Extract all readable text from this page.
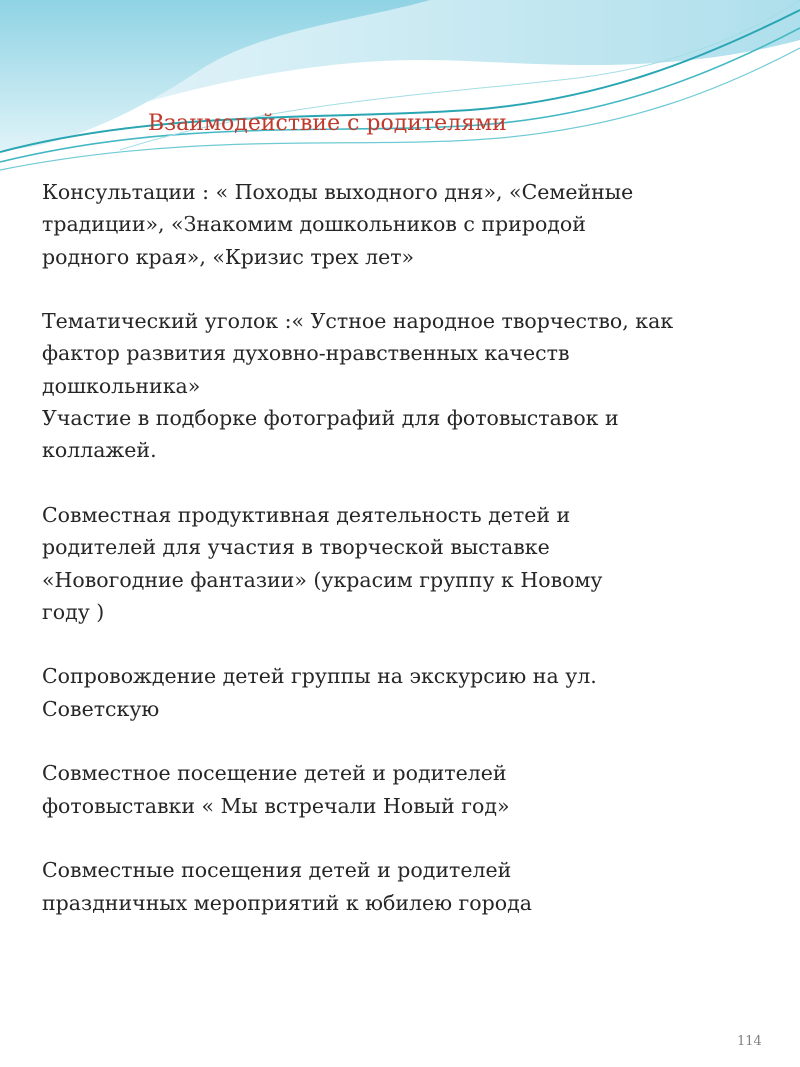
Взаимодействие с родителями

Консультации : « Походы выходного дня», «Семейные
традиции», «Знакомим дошкольников с природой
родного края», «Кризис трех лет»

Тематический уголок :« Устное народное творчество, как
фактор развития духовно-нравственных качеств
дошкольника»

Участие в подборке фотографий для фотовыставок и
коллажей.

Совместная продуктивная деятельность детей и
родителей для участия в творческой выставке
«Новогодние фантазии» (украсим группу к Новому
году )

Сопровождение детей группы на экскурсию на ул.
Советскую

Совместное посещение детей и родителей
фотовыставки « Мы встречали Новый год»

Совместные посещения детей и родителей
праздничных мероприятий к юбилею города

114
